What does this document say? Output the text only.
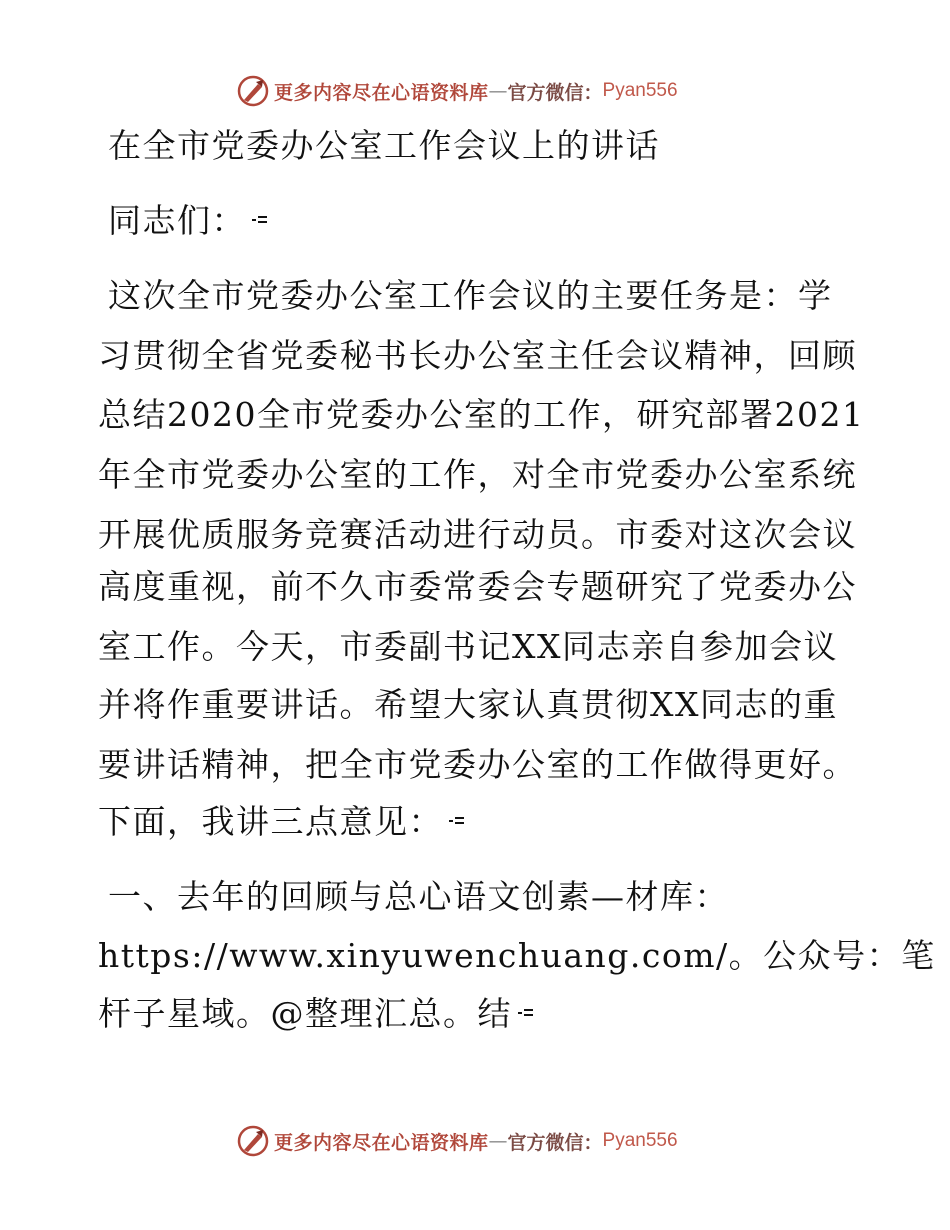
更多内容尽在心语资料库 — 官方微信： Pyan556
在全市党委办公室工作会议上的讲话
同志们：
这次全市党委办公室工作会议的主要任务是：学
习贯彻全省党委秘书长办公室主任会议精神，回顾
总结2020全市党委办公室的工作，研究部署2021
年全市党委办公室的工作，对全市党委办公室系统
开展优质服务竞赛活动进行动员。市委对这次会议
高度重视，前不久市委常委会专题研究了党委办公
室工作。今天，市委副书记XX同志亲自参加会议
并将作重要讲话。希望大家认真贯彻XX同志的重
要讲话精神，把全市党委办公室的工作做得更好。
下面，我讲三点意见：
一、去年的回顾与总心语文创素—材库：
https://www.xinyuwenchuang.com/。公众号：笔
杆子星域。@整理汇总。结
更多内容尽在心语资料库 — 官方微信： Pyan556
